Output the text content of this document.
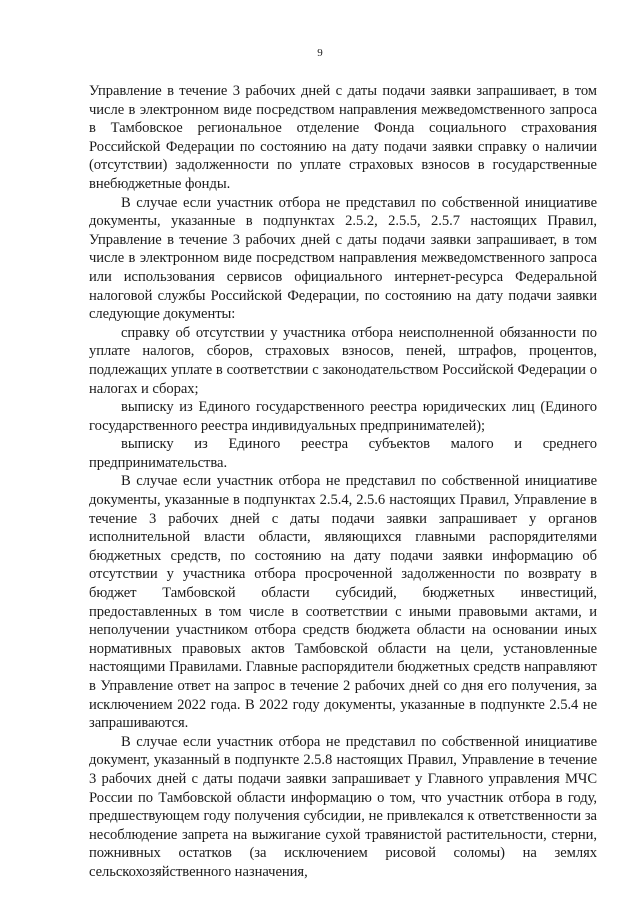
9

Управление в течение 3 рабочих дней с даты подачи заявки запрашивает, в том числе в электронном виде посредством направления межведомственного запроса в Тамбовское региональное отделение Фонда социального страхования Российской Федерации по состоянию на дату подачи заявки справку о наличии (отсутствии) задолженности по уплате страховых взносов в государственные внебюджетные фонды.

В случае если участник отбора не представил по собственной инициативе документы, указанные в подпунктах 2.5.2, 2.5.5, 2.5.7 настоящих Правил, Управление в течение 3 рабочих дней с даты подачи заявки запрашивает, в том числе в электронном виде посредством направления межведомственного запроса или использования сервисов официального интернет-ресурса Федеральной налоговой службы Российской Федерации, по состоянию на дату подачи заявки следующие документы:

справку об отсутствии у участника отбора неисполненной обязанности по уплате налогов, сборов, страховых взносов, пеней, штрафов, процентов, подлежащих уплате в соответствии с законодательством Российской Федерации о налогах и сборах;

выписку из Единого государственного реестра юридических лиц (Единого государственного реестра индивидуальных предпринимателей);

выписку из Единого реестра субъектов малого и среднего предпринимательства.

В случае если участник отбора не представил по собственной инициативе документы, указанные в подпунктах 2.5.4, 2.5.6 настоящих Правил, Управление в течение 3 рабочих дней с даты подачи заявки запрашивает у органов исполнительной власти области, являющихся главными распорядителями бюджетных средств, по состоянию на дату подачи заявки информацию об отсутствии у участника отбора просроченной задолженности по возврату в бюджет Тамбовской области субсидий, бюджетных инвестиций, предоставленных в том числе в соответствии с иными правовыми актами, и неполучении участником отбора средств бюджета области на основании иных нормативных правовых актов Тамбовской области на цели, установленные настоящими Правилами. Главные распорядители бюджетных средств направляют в Управление ответ на запрос в течение 2 рабочих дней со дня его получения, за исключением 2022 года. В 2022 году документы, указанные в подпункте 2.5.4 не запрашиваются.

В случае если участник отбора не представил по собственной инициативе документ, указанный в подпункте 2.5.8 настоящих Правил, Управление в течение 3 рабочих дней с даты подачи заявки запрашивает у Главного управления МЧС России по Тамбовской области информацию о том, что участник отбора в году, предшествующем году получения субсидии, не привлекался к ответственности за несоблюдение запрета на выжигание сухой травянистой растительности, стерни, пожнивных остатков (за исключением рисовой соломы) на землях сельскохозяйственного назначения,
